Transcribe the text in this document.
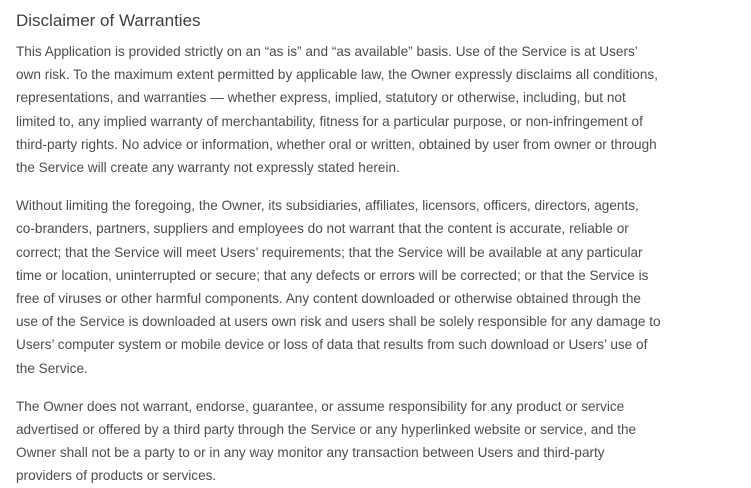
Disclaimer of Warranties

This Application is provided strictly on an “as is” and “as available” basis. Use of the Service is at Users’
own risk. To the maximum extent permitted by applicable law, the Owner expressly disclaims all conditions,
representations, and warranties — whether express, implied, statutory or otherwise, including, but not
limited to, any implied warranty of merchantability, fitness for a particular purpose, or non-infringement of
third-party rights. No advice or information, whether oral or written, obtained by user from owner or through
the Service will create any warranty not expressly stated herein.

Without limiting the foregoing, the Owner, its subsidiaries, affiliates, licensors, officers, directors, agents,
co-branders, partners, suppliers and employees do not warrant that the content is accurate, reliable or
correct; that the Service will meet Users’ requirements; that the Service will be available at any particular
time or location, uninterrupted or secure; that any defects or errors will be corrected; or that the Service is
free of viruses or other harmful components. Any content downloaded or otherwise obtained through the
use of the Service is downloaded at users own risk and users shall be solely responsible for any damage to
Users’ computer system or mobile device or loss of data that results from such download or Users’ use of
the Service.

The Owner does not warrant, endorse, guarantee, or assume responsibility for any product or service
advertised or offered by a third party through the Service or any hyperlinked website or service, and the
Owner shall not be a party to or in any way monitor any transaction between Users and third-party
providers of products or services.
